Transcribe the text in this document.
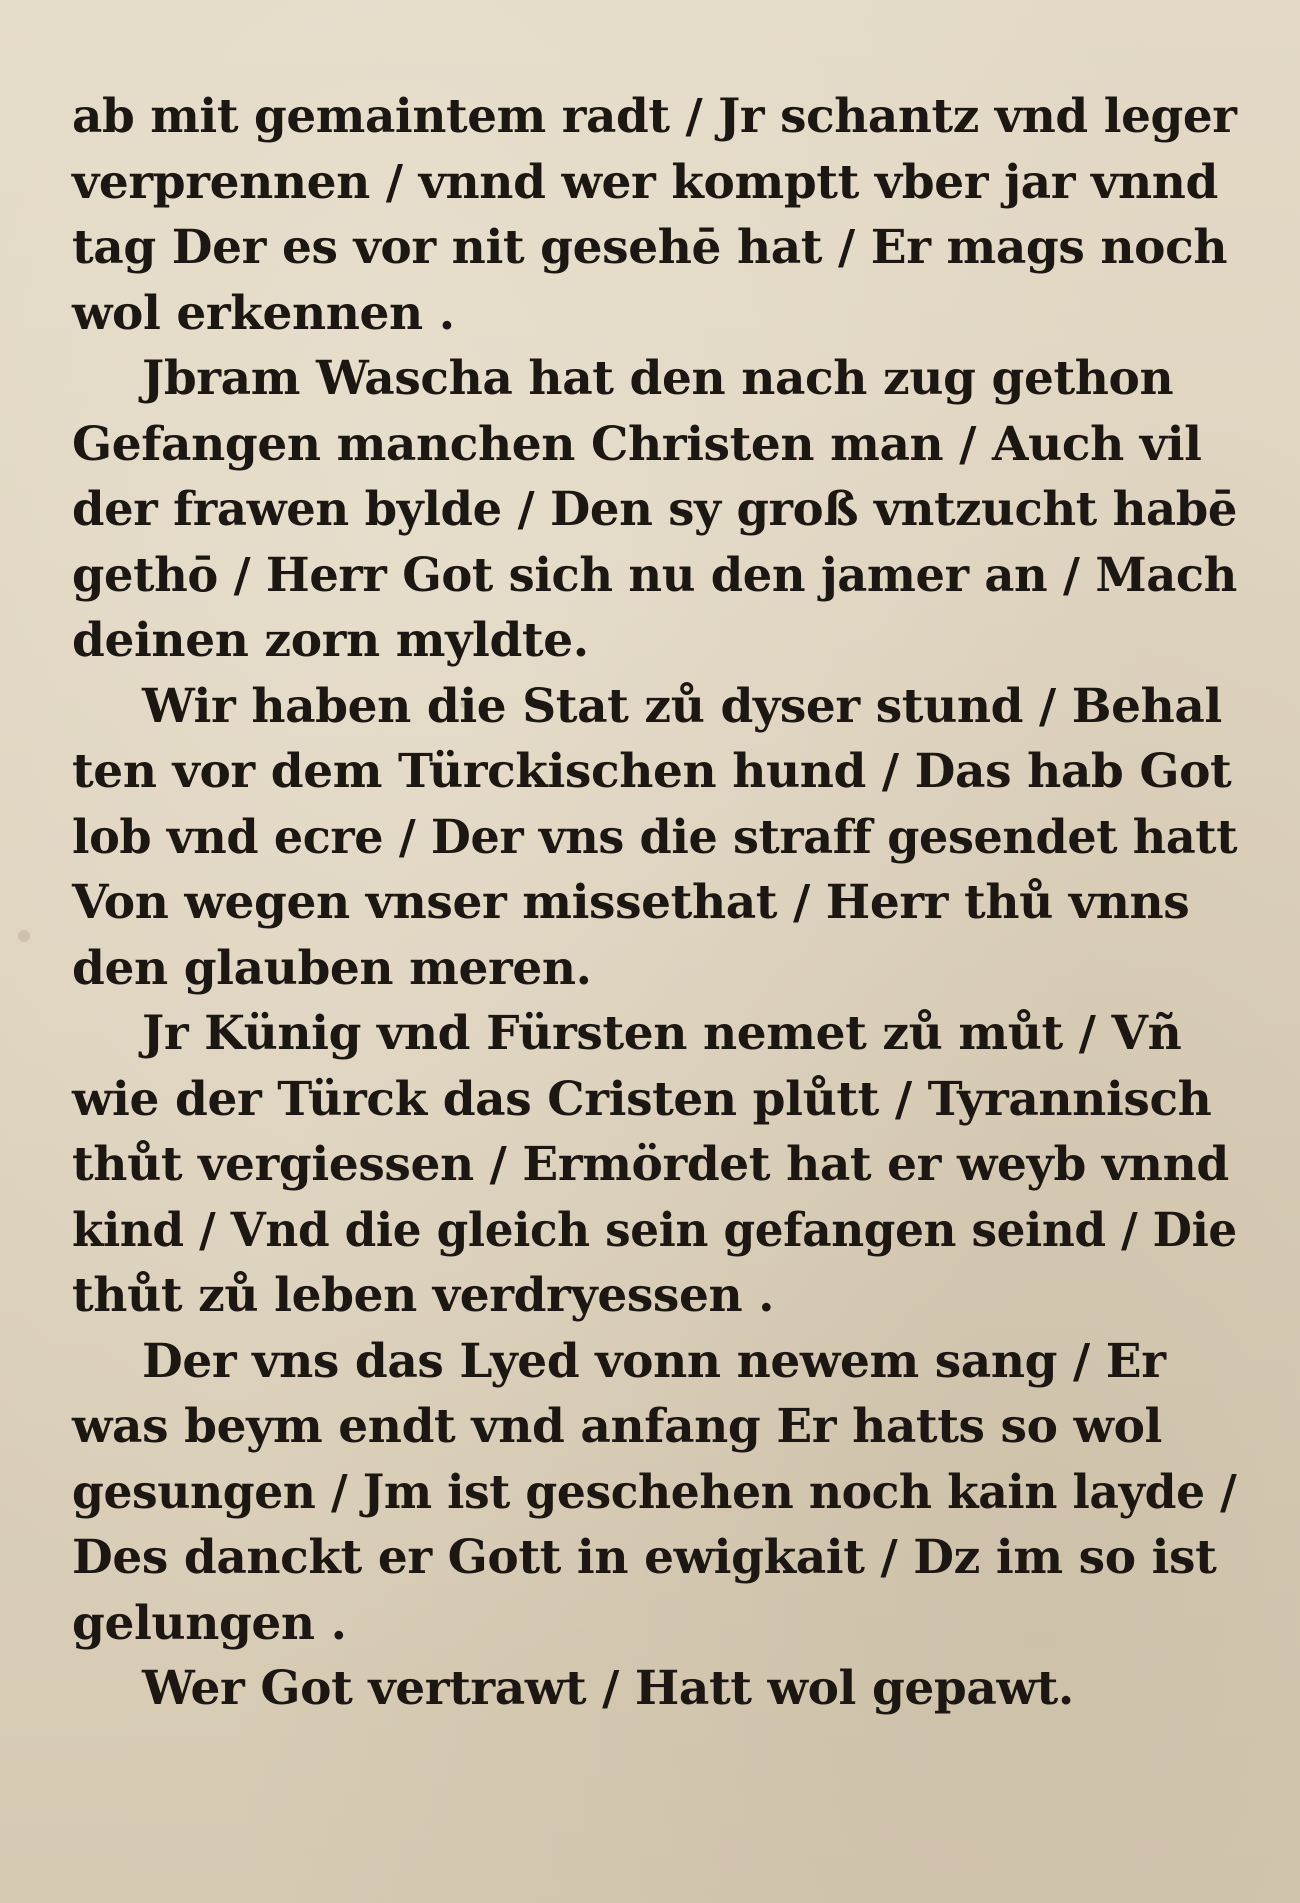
ab mit gemaintem radt / Jr schantz vnd leger
verprennen / vnnd wer komptt vber jar vnnd
tag Der es vor nit gesehē hat / Er mags noch
wol erkennen .
Jbram Wascha hat den nach zug gethon
Gefangen manchen Christen man / Auch vil
der frawen bylde / Den sy groß vntzucht habē
gethō / Herr Got sich nu den jamer an / Mach
deinen zorn myldte.
Wir haben die Stat zů dyser stund / Behal
ten vor dem Türckischen hund / Das hab Got
lob vnd ecre / Der vns die straff gesendet hatt
Von wegen vnser missethat / Herr thů vnns
den glauben meren.
Jr Künig vnd Fürsten nemet zů můt / Vñ
wie der Türck das Cristen plůtt / Tyrannisch
thůt vergiessen / Ermördet hat er weyb vnnd
kind / Vnd die gleich sein gefangen seind / Die
thůt zů leben verdryessen .
Der vns das Lyed vonn newem sang / Er
was beym endt vnd anfang Er hatts so wol
gesungen / Jm ist geschehen noch kain layde /
Des danckt er Gott in ewigkait / Dz im so ist
gelungen .
Wer Got vertrawt / Hatt wol gepawt.
